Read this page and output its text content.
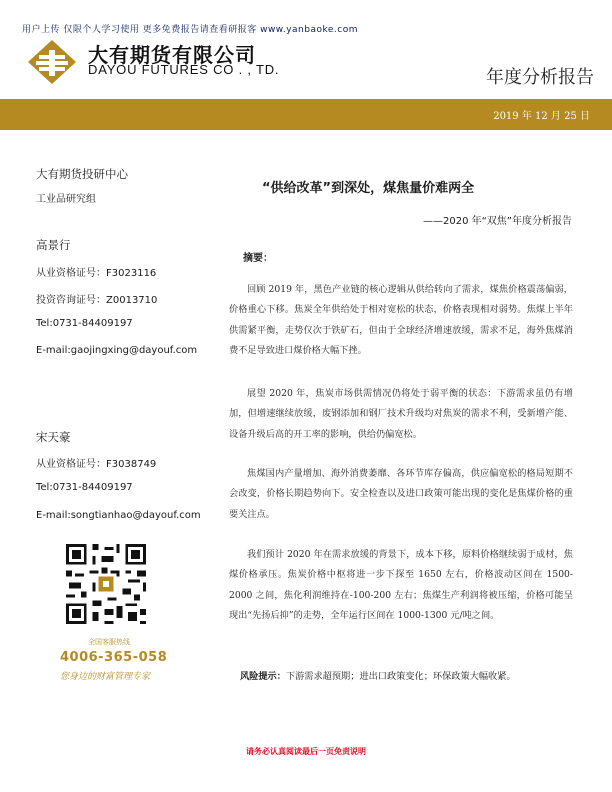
用户上传 仅限个人学习使用 更多免费报告请查看研报客 www.yanbaoke.com
大有期货有限公司
DAYOU FUTURES CO . , TD.	年度分析报告
2019 年 12 月 25 日
大有期货投研中心
工业品研究组
高景行
从业资格证号：F3023116
投资咨询证号：Z0013710
Tel:0731-84409197
E-mail:gaojingxing@dayouf.com
宋天豪
从业资格证号：F3038749
Tel:0731-84409197
E-mail:songtianhao@dayouf.com
全国客服热线
4006-365-058
您身边的财富管理专家
“供给改革”到深处，煤焦量价难两全
——2020 年“双焦”年度分析报告
摘要：
回顾 2019 年，黑色产业链的核心逻辑从供给转向了需求，煤焦价格震荡偏弱，价格重心下移。焦炭全年供给处于相对宽松的状态，价格表现相对弱势。焦煤上半年供需紧平衡，走势仅次于铁矿石，但由于全球经济增速放缓，需求不足，海外焦煤消费不足导致进口煤价格大幅下挫。
展望 2020 年，焦炭市场供需情况仍将处于弱平衡的状态：下游需求虽仍有增加，但增速继续放缓，废钢添加和钢厂技术升级均对焦炭的需求不利，受新增产能、设备升级后高的开工率的影响，供给仍偏宽松。
焦煤国内产量增加、海外消费萎靡、各环节库存偏高，供应偏宽松的格局短期不会改变，价格长期趋势向下。安全检查以及进口政策可能出现的变化是焦煤价格的重要关注点。
我们预计 2020 年在需求放缓的背景下，成本下移，原料价格继续弱于成材，焦煤价格承压。焦炭价格中枢将进一步下探至 1650 左右，价格波动区间在 1500-2000 之间，焦化利润维持在-100-200 左右；焦煤生产利润将被压缩，价格可能呈现出“先扬后抑”的走势，全年运行区间在 1000-1300 元/吨之间。
风险提示：下游需求超预期；进出口政策变化；环保政策大幅收紧。
请务必认真阅读最后一页免责说明
